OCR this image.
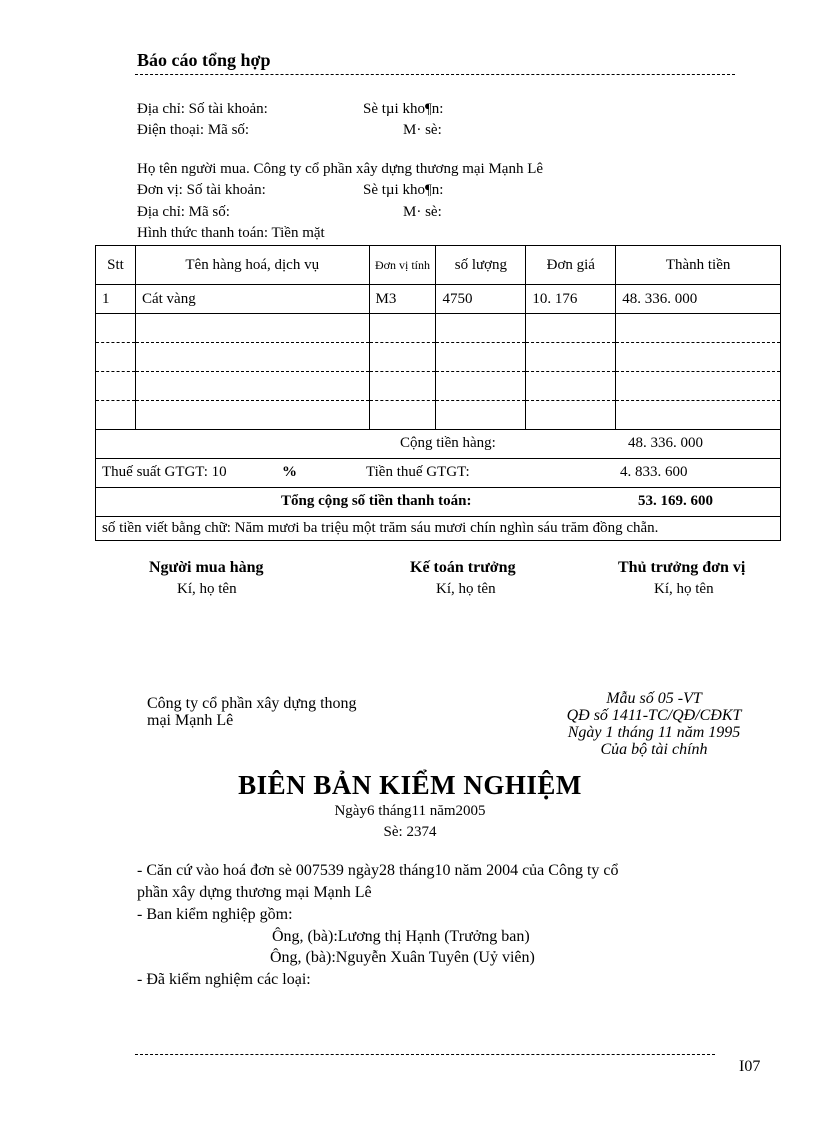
Báo cáo tổng hợp
Địa chỉ: Số tài khoản:	Sè tµi kho¶n:
Điện thoại: Mã số:	M· sè:
Họ tên người mua. Công ty cổ phần xây dựng thương mại Mạnh Lê
Đơn vị: Số tài khoản:	Sè tµi kho¶n:
Địa chỉ: Mã số:	M· sè:
Hình thức thanh toán: Tiền mặt
Stt	Tên hàng hoá, dịch vụ	Đơn vị tính	số lượng	Đơn giá	Thành tiền
1	Cát vàng	M3	4750	10. 176	48. 336. 000

Cộng tiền hàng: 48. 336. 000					

Thuế suất GTGT: 10 % Tiền thuế GTGT: 4. 833. 600					

Tổng cộng số tiền thanh toán: 53. 169. 600					

số tiền viết bằng chữ: Năm mươi ba triệu một trăm sáu mươi chín nghìn sáu trăm đồng chẵn.					
Người mua hàng
Kí, họ tên
Kế toán trưởng
Kí, họ tên
Thủ trưởng đơn vị
Kí, họ tên
Công ty cổ phần xây dựng thong
mại Mạnh Lê
Mẫu số 05 -VT
QĐ số 1411-TC/QĐ/CĐKT
Ngày 1 tháng 11 năm 1995
Của bộ tài chính
BIÊN BẢN KIỂM NGHIỆM
Ngày6 tháng11 năm2005
Sè: 2374
- Căn cứ vào hoá đơn sè 007539 ngày28 tháng10 năm 2004 của Công ty cổ
phần xây dựng thương mại Mạnh Lê
- Ban kiểm nghiệp gồm:
Ông, (bà):Lương thị Hạnh (Trưởng ban)
Ông, (bà):Nguyễn Xuân Tuyên (Uỷ viên)
- Đã kiểm nghiệm các loại:
I07
